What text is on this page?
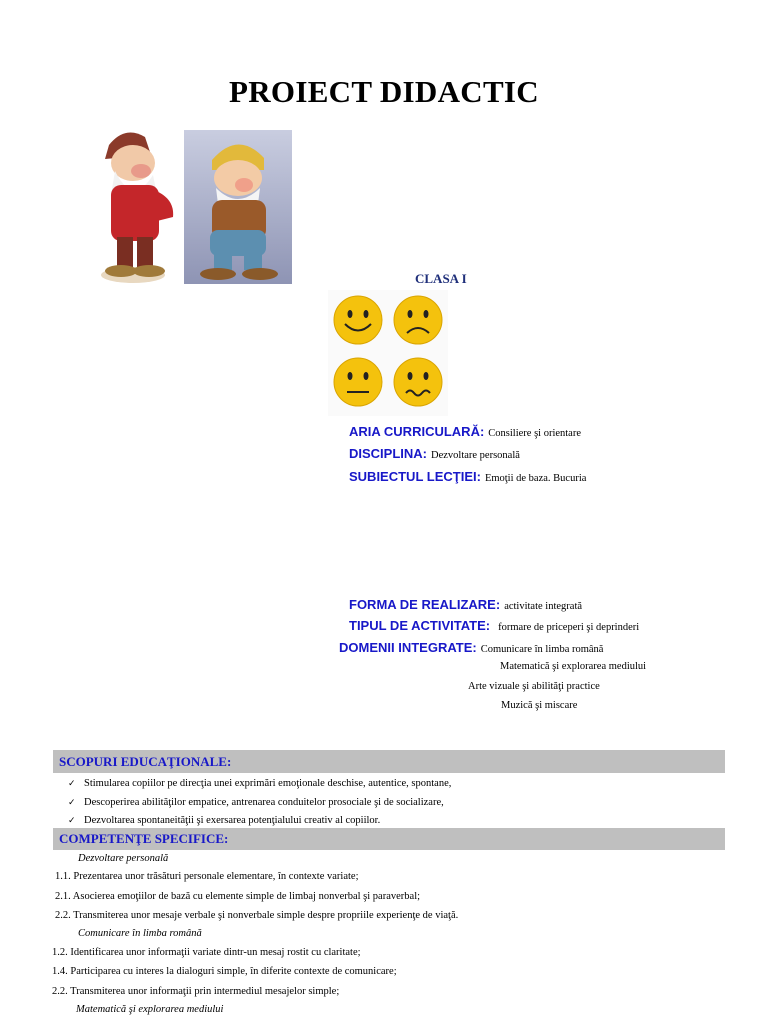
PROIECT DIDACTIC
CLASA I
ARIA CURRICULARĂ: Consiliere şi orientare
DISCIPLINA: Dezvoltare personală
SUBIECTUL LECŢIEI: Emoţii de baza. Bucuria
FORMA DE REALIZARE: activitate integrată
TIPUL DE ACTIVITATE: formare de priceperi şi deprinderi
DOMENII INTEGRATE: Comunicare în limba română
Matematică şi explorarea mediului
Arte vizuale şi abilităţi practice
Muzică şi miscare
SCOPURI EDUCAŢIONALE:
✓ Stimularea copiilor pe direcţia unei exprimări emoţionale deschise, autentice, spontane,
✓ Descoperirea abilităţilor empatice, antrenarea conduitelor prosociale şi de socializare,
✓ Dezvoltarea spontaneităţii şi exersarea potenţialului creativ al copiilor.
COMPETENŢE SPECIFICE:
Dezvoltare personală
1.1. Prezentarea unor trăsături personale elementare, în contexte variate;
2.1. Asocierea emoţiilor de bază cu elemente simple de limbaj nonverbal şi paraverbal;
2.2. Transmiterea unor mesaje verbale şi nonverbale simple despre propriile experienţe de viaţă.
Comunicare în limba română
1.2. Identificarea unor informaţii variate dintr-un mesaj rostit cu claritate;
1.4. Participarea cu interes la dialoguri simple, în diferite contexte de comunicare;
2.2. Transmiterea unor informaţii prin intermediul mesajelor simple;
Matematică şi explorarea mediului
